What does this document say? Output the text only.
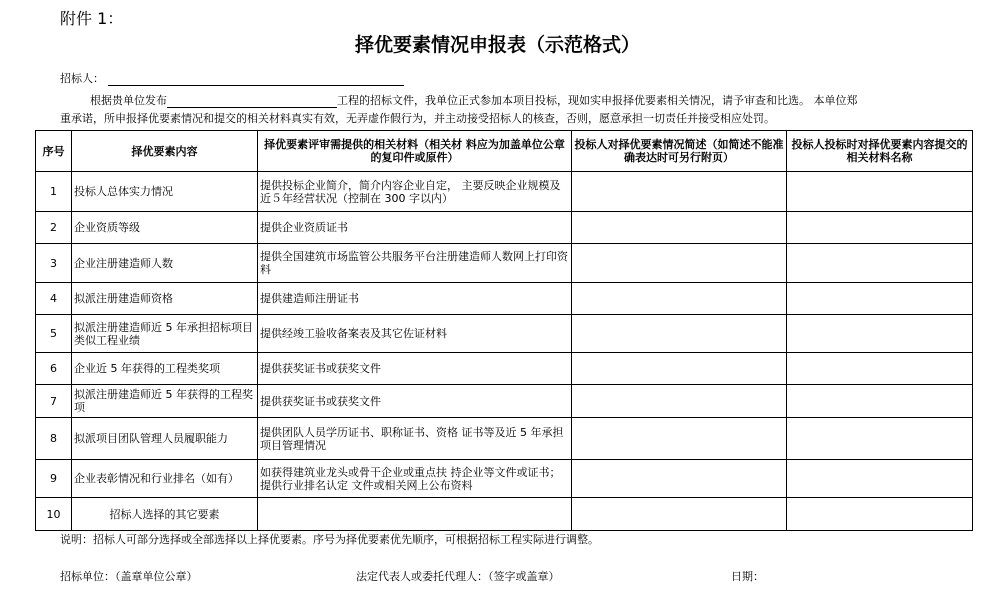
附件 1：
择优要素情况申报表（示范格式）
招标人：
根据贵单位发布	工程的招标文件，我单位正式参加本项目投标，现如实申报择优要素相关情况，请予审查和比选。 本单位郑
重承诺，所申报择优要素情况和提交的相关材料真实有效，无弄虚作假行为，并主动接受招标人的核查，否则，愿意承担一切责任并接受相应处罚。
序号	择优要素内容	择优要素评审需提供的相关材料（相关材 料应为加盖单位公章的复印件或原件）	投标人对择优要素情况简述（如简述不能准确表达时可另行附页）	投标人投标时对择优要素内容提交的相关材料名称
1	投标人总体实力情况	提供投标企业简介，简介内容企业自定， 主要反映企业规模及近５年经营状况（控制在 300 字以内）		
2	企业资质等级	提供企业资质证书		
3	企业注册建造师人数	提供全国建筑市场监管公共服务平台注册建造师人数网上打印资料		
4	拟派注册建造师资格	提供建造师注册证书		
5	拟派注册建造师近 5 年承担招标项目类似工程业绩	提供经竣工验收备案表及其它佐证材料		
6	企业近 5 年获得的工程类奖项	提供获奖证书或获奖文件		
7	拟派注册建造师近 5 年获得的工程奖项	提供获奖证书或获奖文件		
8	拟派项目团队管理人员履职能力	提供团队人员学历证书、职称证书、资格 证书等及近 5 年承担项目管理情况		
9	企业表彰情况和行业排名（如有）	如获得建筑业龙头或骨干企业或重点扶 持企业等文件或证书；提供行业排名认定 文件或相关网上公布资料		
10	招标人选择的其它要素			
说明：招标人可部分选择或全部选择以上择优要素。序号为择优要素优先顺序，可根据招标工程实际进行调整。
招标单位：（盖章单位公章）	法定代表人或委托代理人：（签字或盖章）	日期：
